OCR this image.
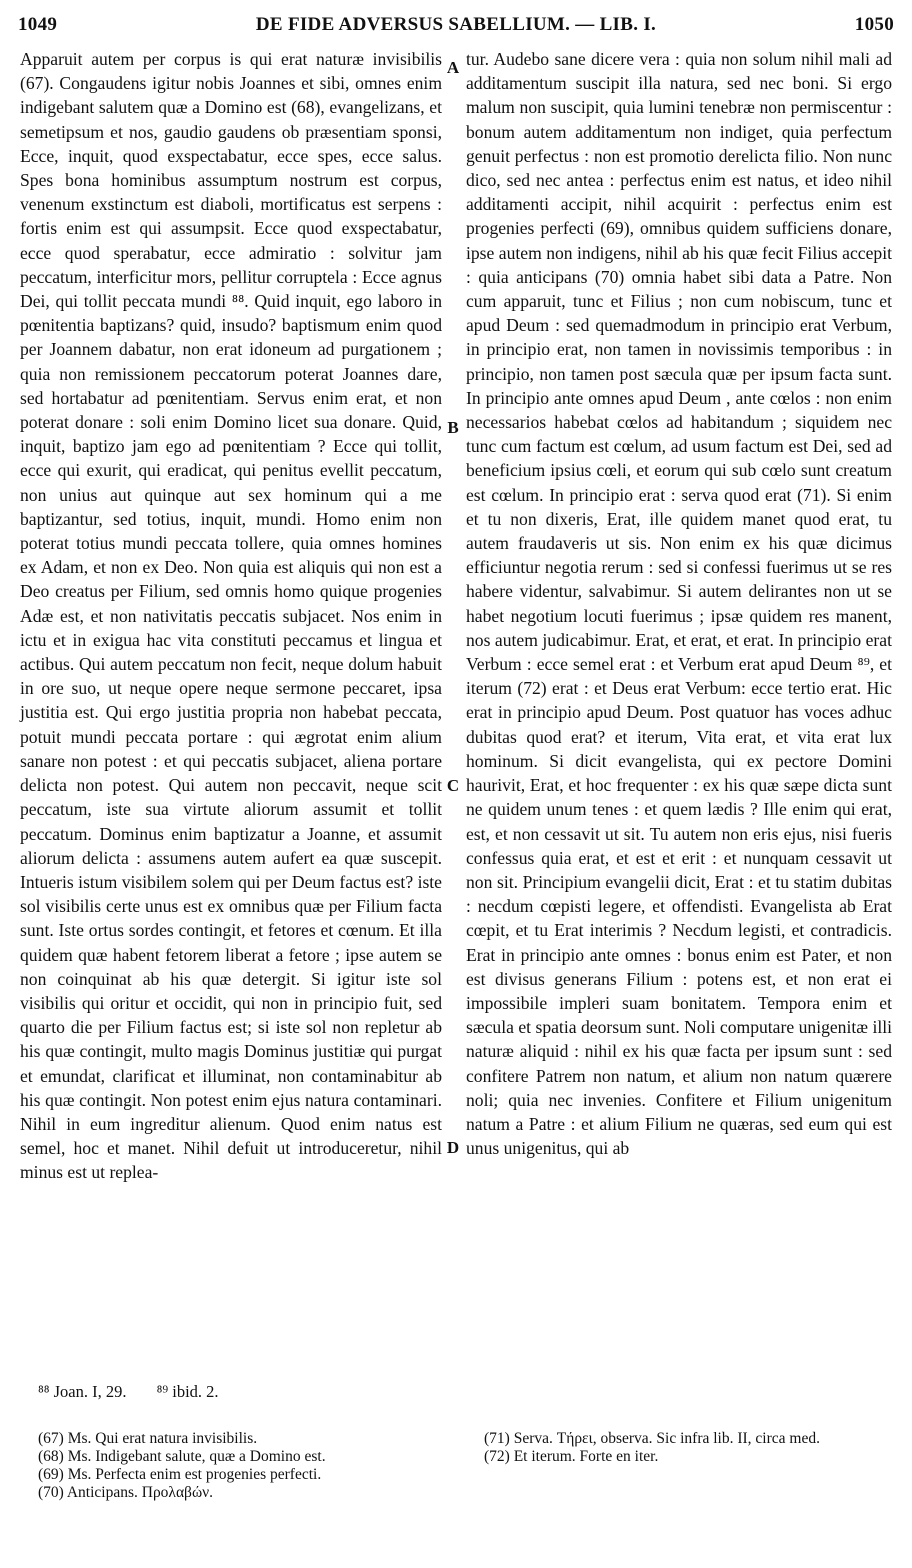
1049	DE FIDE ADVERSUS SABELLIUM. — LIB. I.	1050

Apparuit autem per corpus is qui erat naturæ invisibilis (67). Congaudens igitur nobis Joannes et sibi, omnes enim indigebant salutem quæ a Domino est (68), evangelizans, et semetipsum et nos, gaudio gaudens ob præsentiam sponsi, Ecce, inquit, quod exspectabatur, ecce spes, ecce salus. Spes bona hominibus assumptum nostrum est corpus, venenum exstinctum est diaboli, mortificatus est serpens : fortis enim est qui assumpsit. Ecce quod exspectabatur, ecce quod sperabatur, ecce admiratio : solvitur jam peccatum, interficitur mors, pellitur corruptela : Ecce agnus Dei, qui tollit peccata mundi ⁸⁸. Quid inquit, ego laboro in pœnitentia baptizans? quid, insudo? baptismum enim quod per Joannem dabatur, non erat idoneum ad purgationem ; quia non remissionem peccatorum poterat Joannes dare, sed hortabatur ad pœnitentiam. Servus enim erat, et non poterat donare : soli enim Domino licet sua donare. Quid, inquit, baptizo jam ego ad pœnitentiam ? Ecce qui tollit, ecce qui exurit, qui eradicat, qui penitus evellit peccatum, non unius aut quinque aut sex hominum qui a me baptizantur, sed totius, inquit, mundi. Homo enim non poterat totius mundi peccata tollere, quia omnes homines ex Adam, et non ex Deo. Non quia est aliquis qui non est a Deo creatus per Filium, sed omnis homo quique progenies Adæ est, et non nativitatis peccatis subjacet. Nos enim in ictu et in exigua hac vita constituti peccamus et lingua et actibus. Qui autem peccatum non fecit, neque dolum habuit in ore suo, ut neque opere neque sermone peccaret, ipsa justitia est. Qui ergo justitia propria non habebat peccata, potuit mundi peccata portare : qui ægrotat enim alium sanare non potest : et qui peccatis subjacet, aliena portare delicta non potest. Qui autem non peccavit, neque scit peccatum, iste sua virtute aliorum assumit et tollit peccatum. Dominus enim baptizatur a Joanne, et assumit aliorum delicta : assumens autem aufert ea quæ suscepit. Intueris istum visibilem solem qui per Deum factus est? iste sol visibilis certe unus est ex omnibus quæ per Filium facta sunt. Iste ortus sordes contingit, et fetores et cœnum. Et illa quidem quæ habent fetorem liberat a fetore ; ipse autem se non coinquinat ab his quæ detergit. Si igitur iste sol visibilis qui oritur et occidit, qui non in principio fuit, sed quarto die per Filium factus est; si iste sol non repletur ab his quæ contingit, multo magis Dominus justitiæ qui purgat et emundat, clarificat et illuminat, non contaminabitur ab his quæ contingit. Non potest enim ejus natura contaminari. Nihil in eum ingreditur alienum. Quod enim natus est semel, hoc et manet. Nihil defuit ut introduceretur, nihil minus est ut replea-

A
B
C
D

tur. Audebo sane dicere vera : quia non solum nihil mali ad additamentum suscipit illa natura, sed nec boni. Si ergo malum non suscipit, quia lumini tenebræ non permiscentur : bonum autem additamentum non indiget, quia perfectum genuit perfectus : non est promotio derelicta filio. Non nunc dico, sed nec antea : perfectus enim est natus, et ideo nihil additamenti accipit, nihil acquirit : perfectus enim est progenies perfecti (69), omnibus quidem sufficiens donare, ipse autem non indigens, nihil ab his quæ fecit Filius accepit : quia anticipans (70) omnia habet sibi data a Patre. Non cum apparuit, tunc et Filius ; non cum nobiscum, tunc et apud Deum : sed quemadmodum in principio erat Verbum, in principio erat, non tamen in novissimis temporibus : in principio, non tamen post sæcula quæ per ipsum facta sunt. In principio ante omnes apud Deum , ante cœlos : non enim necessarios habebat cœlos ad habitandum ; siquidem nec tunc cum factum est cœlum, ad usum factum est Dei, sed ad beneficium ipsius cœli, et eorum qui sub cœlo sunt creatum est cœlum. In principio erat : serva quod erat (71). Si enim et tu non dixeris, Erat, ille quidem manet quod erat, tu autem fraudaveris ut sis. Non enim ex his quæ dicimus efficiuntur negotia rerum : sed si confessi fuerimus ut se res habere videntur, salvabimur. Si autem delirantes non ut se habet negotium locuti fuerimus ; ipsæ quidem res manent, nos autem judicabimur. Erat, et erat, et erat. In principio erat Verbum : ecce semel erat : et Verbum erat apud Deum ⁸⁹, et iterum (72) erat : et Deus erat Verbum: ecce tertio erat. Hic erat in principio apud Deum. Post quatuor has voces adhuc dubitas quod erat? et iterum, Vita erat, et vita erat lux hominum. Si dicit evangelista, qui ex pectore Domini haurivit, Erat, et hoc frequenter : ex his quæ sæpe dicta sunt ne quidem unum tenes : et quem lædis ? Ille enim qui erat, est, et non cessavit ut sit. Tu autem non eris ejus, nisi fueris confessus quia erat, et est et erit : et nunquam cessavit ut non sit. Principium evangelii dicit, Erat : et tu statim dubitas : necdum cœpisti legere, et offendisti. Evangelista ab Erat cœpit, et tu Erat interimis ? Necdum legisti, et contradicis. Erat in principio ante omnes : bonus enim est Pater, et non est divisus generans Filium : potens est, et non erat ei impossibile impleri suam bonitatem. Tempora enim et sæcula et spatia deorsum sunt. Noli computare unigenitæ illi naturæ aliquid : nihil ex his quæ facta per ipsum sunt : sed confitere Patrem non natum, et alium non natum quærere noli; quia nec invenies. Confitere et Filium unigenitum natum a Patre : et alium Filium ne quæras, sed eum qui est unus unigenitus, qui ab

⁸⁸ Joan. I, 29. ⁸⁹ ibid. 2.
(67) Ms. Qui erat natura invisibilis.
(68) Ms. Indigebant salute, quæ a Domino est.
(69) Ms. Perfecta enim est progenies perfecti.
(70) Anticipans. Προλαβών.
(71) Serva. Τήρει, observa. Sic infra lib. II, circa med.
(72) Et iterum. Forte en iter.
